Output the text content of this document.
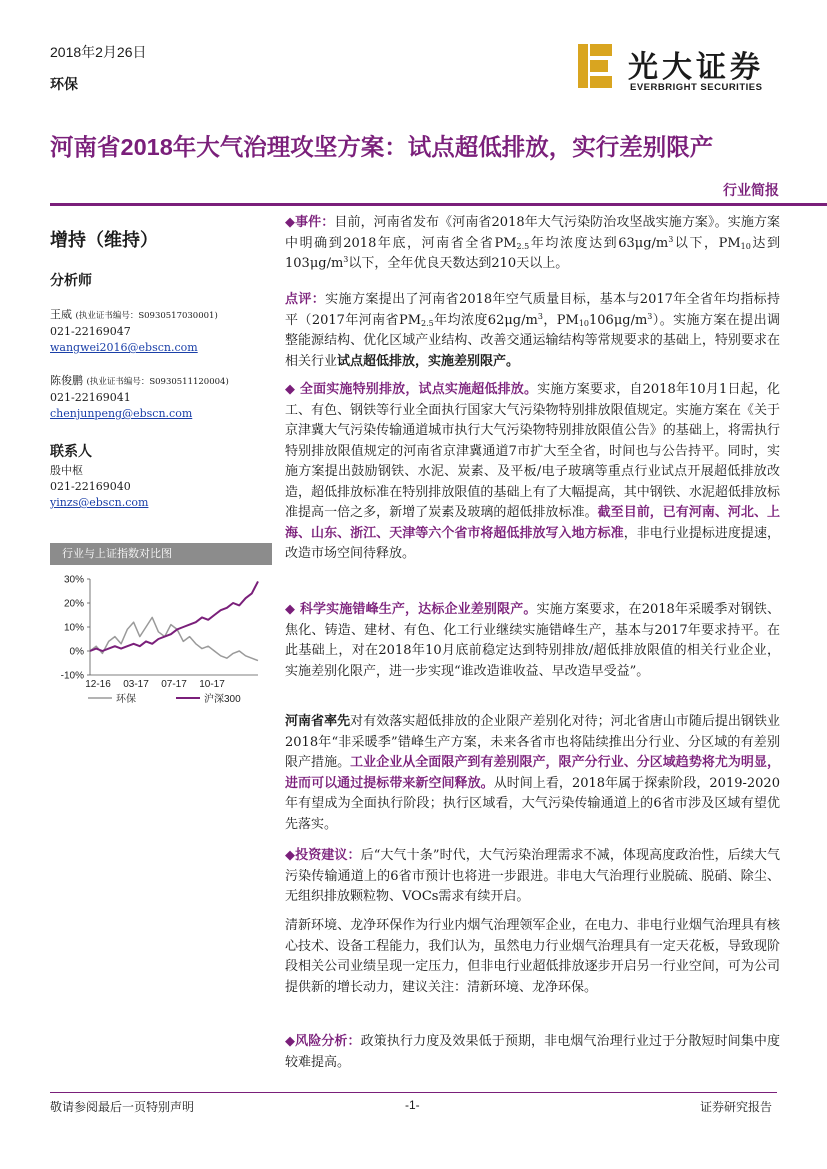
2018年2月26日
环保	光大证券
EVERBRIGHT SECURITIES
河南省2018年大气治理攻坚方案：试点超低排放，实行差别限产
行业简报
增持（维持）
分析师
王威 (执业证书编号：S0930517030001)
021-22169047
wangwei2016@ebscn.com
陈俊鹏 (执业证书编号：S0930511120004)
021-22169041
chenjunpeng@ebscn.com
联系人
殷中枢
021-22169040
yinzs@ebscn.com
行业与上证指数对比图
30%
20%
10%
0%
-10%
12-16 03-17 07-17 10-17
环保	沪深300
◆事件：目前，河南省发布《河南省2018年大气污染防治攻坚战实施方案》。实施方案中明确到2018年底，河南省全省$PM_{2.5}$年均浓度达到$63\mu g/m^3$以下，$PM_{10}$达到$103\mu g/m^3$以下，全年优良天数达到210天以上。
点评：实施方案提出了河南省2018年空气质量目标，基本与2017年全省年均指标持平（2017年河南省$PM_{2.5}$年均浓度$62\mu g/m^3$，$PM_{10}106\mu g/m^3$）。实施方案在提出调整能源结构、优化区域产业结构、改善交通运输结构等常规要求的基础上，特别要求在相关行业试点超低排放，实施差别限产。
◆ 全面实施特别排放，试点实施超低排放。实施方案要求，自2018年10月1日起，化工、有色、钢铁等行业全面执行国家大气污染物特别排放限值规定。实施方案在《关于京津冀大气污染传输通道城市执行大气污染物特别排放限值公告》的基础上，将需执行特别排放限值规定的河南省京津冀通道7市扩大至全省，时间也与公告持平。同时，实施方案提出鼓励钢铁、水泥、炭素、及平板/电子玻璃等重点行业试点开展超低排放改造，超低排放标准在特别排放限值的基础上有了大幅提高，其中钢铁、水泥超低排放标准提高一倍之多，新增了炭素及玻璃的超低排放标准。截至目前，已有河南、河北、上海、山东、浙江、天津等六个省市将超低排放写入地方标准，非电行业提标进度提速，改造市场空间待释放。
◆ 科学实施错峰生产，达标企业差别限产。实施方案要求，在2018年采暖季对钢铁、焦化、铸造、建材、有色、化工行业继续实施错峰生产，基本与2017年要求持平。在此基础上，对在2018年10月底前稳定达到特别排放/超低排放限值的相关行业企业，实施差别化限产，进一步实现“谁改造谁收益、早改造早受益”。
河南省率先对有效落实超低排放的企业限产差别化对待；河北省唐山市随后提出钢铁业2018年“非采暖季”错峰生产方案，未来各省市也将陆续推出分行业、分区域的有差别限产措施。工业企业从全面限产到有差别限产，限产分行业、分区域趋势将尤为明显，进而可以通过提标带来新空间释放。从时间上看，2018年属于探索阶段，2019-2020年有望成为全面执行阶段；执行区域看，大气污染传输通道上的6省市涉及区域有望优先落实。
◆投资建议：后“大气十条”时代，大气污染治理需求不减，体现高度政治性，后续大气污染传输通道上的6省市预计也将进一步跟进。非电大气治理行业脱硫、脱硝、除尘、无组织排放颗粒物、VOCs需求有续开启。
清新环境、龙净环保作为行业内烟气治理领军企业，在电力、非电行业烟气治理具有核心技术、设备工程能力，我们认为，虽然电力行业烟气治理具有一定天花板，导致现阶段相关公司业绩呈现一定压力，但非电行业超低排放逐步开启另一行业空间，可为公司提供新的增长动力，建议关注：清新环境、龙净环保。
◆风险分析：政策执行力度及效果低于预期，非电烟气治理行业过于分散短时间集中度较难提高。
敬请参阅最后一页特别声明	-1-	证券研究报告
